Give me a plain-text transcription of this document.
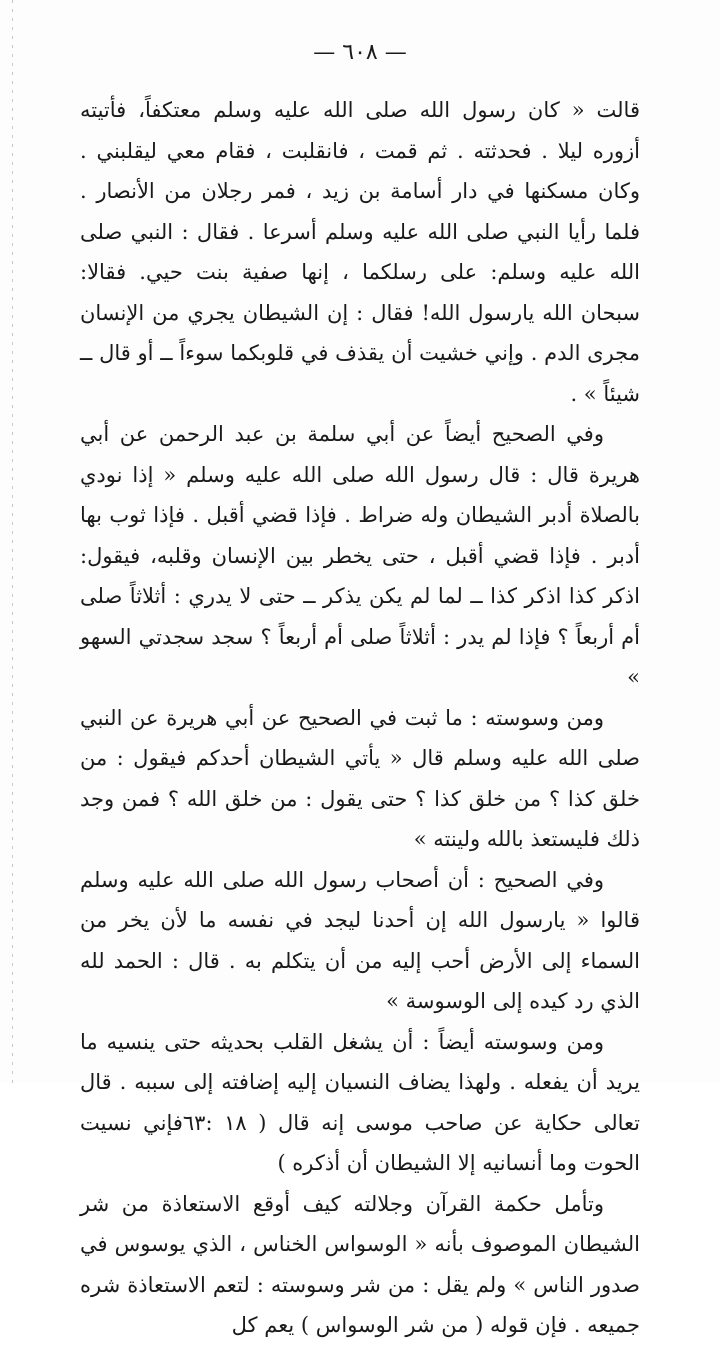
— ٦٠٨ —

قالت « كان رسول الله صلى الله عليه وسلم معتكفاً، فأتيته أزوره ليلا . فحدثته . ثم قمت ، فانقلبت ، فقام معي ليقلبني . وكان مسكنها في دار أسامة بن زيد ، فمر رجلان من الأنصار . فلما رأيا النبي صلى الله عليه وسلم أسرعا . فقال : النبي صلى الله عليه وسلم: على رسلكما ، إنها صفية بنت حيي. فقالا: سبحان الله يارسول الله! فقال : إن الشيطان يجري من الإنسان مجرى الدم . وإني خشيت أن يقذف في قلوبكما سوءاً ــ أو قال ــ شيئاً » .

وفي الصحيح أيضاً عن أبي سلمة بن عبد الرحمن عن أبي هريرة قال : قال رسول الله صلى الله عليه وسلم « إذا نودي بالصلاة أدبر الشيطان وله ضراط . فإذا قضي أقبل . فإذا ثوب بها أدبر . فإذا قضي أقبل ، حتى يخطر بين الإنسان وقلبه، فيقول: اذكر كذا اذكر كذا ــ لما لم يكن يذكر ــ حتى لا يدري : أثلاثاً صلى أم أربعاً ؟ فإذا لم يدر : أثلاثاً صلى أم أربعاً ؟ سجد سجدتي السهو »

ومن وسوسته : ما ثبت في الصحيح عن أبي هريرة عن النبي صلى الله عليه وسلم قال « يأتي الشيطان أحدكم فيقول : من خلق كذا ؟ من خلق كذا ؟ حتى يقول : من خلق الله ؟ فمن وجد ذلك فليستعذ بالله ولينته »

وفي الصحيح : أن أصحاب رسول الله صلى الله عليه وسلم قالوا « يارسول الله إن أحدنا ليجد في نفسه ما لأن يخر من السماء إلى الأرض أحب إليه من أن يتكلم به . قال : الحمد لله الذي رد كيده إلى الوسوسة »

ومن وسوسته أيضاً : أن يشغل القلب بحديثه حتى ينسيه ما يريد أن يفعله . ولهذا يضاف النسيان إليه إضافته إلى سببه . قال تعالى حكاية عن صاحب موسى إنه قال ( ١٨ :٦٣فإني نسيت الحوت وما أنسانيه إلا الشيطان أن أذكره )

وتأمل حكمة القرآن وجلالته كيف أوقع الاستعاذة من شر الشيطان الموصوف بأنه « الوسواس الخناس ، الذي يوسوس في صدور الناس » ولم يقل : من شر وسوسته : لتعم الاستعاذة شره جميعه . فإن قوله ( من شر الوسواس ) يعم كل
